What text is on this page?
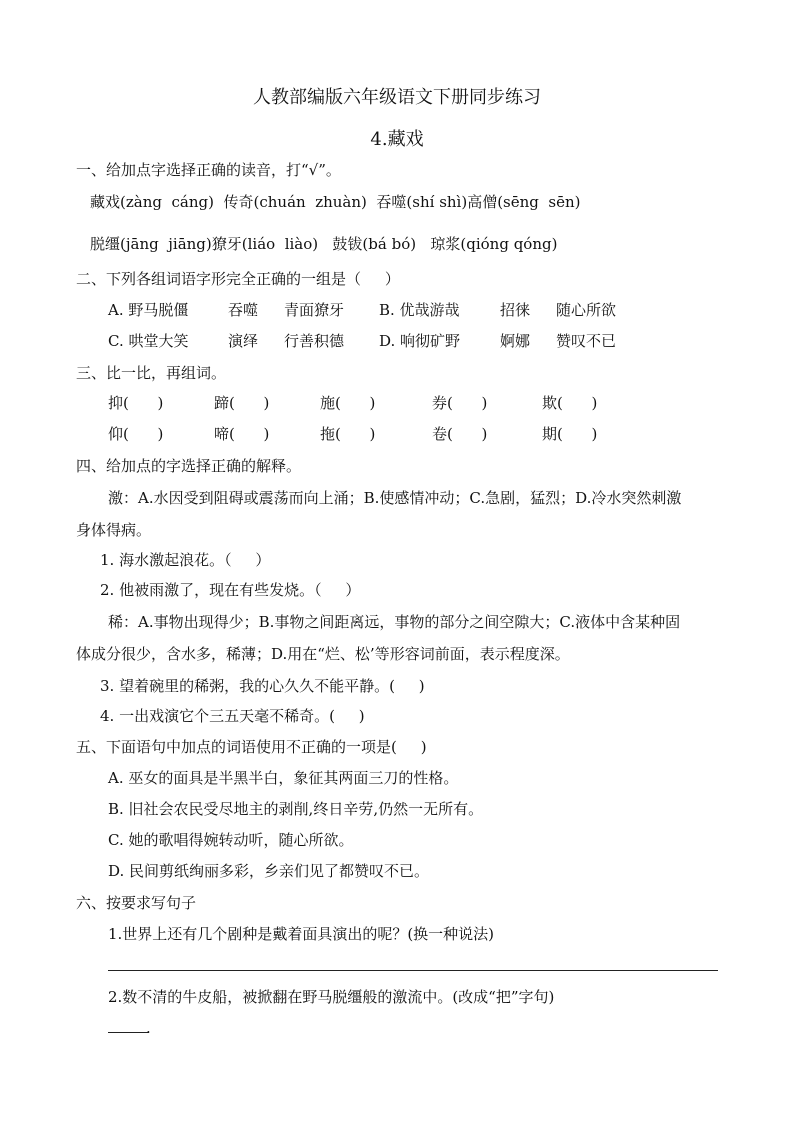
人教部编版六年级语文下册同步练习
4.藏戏
一、给加点字选择正确的读音，打“√”。
藏戏(zàng  cáng)  传奇(chuán  zhuàn)  吞噬(shí shì)高僧(sēng  sēn)
脱缰(jāng  jiāng)獠牙(liáo  liào)   鼓钹(bá bó)   琼浆(qióng qóng)
二、下列各组词语字形完全正确的一组是（     ）
A. 野马脱僵	吞噬 青面獠牙 B. 优哉游哉	招徕 随心所欲
C. 哄堂大笑	演绎 行善积德 D. 响彻矿野	婀娜 赞叹不已
三、比一比，再组词。
抑(      )	蹄(      )	施(      )	券(      )	欺(      )
仰(      )	啼(      )	拖(      )	卷(      )	期(      )
四、给加点的字选择正确的解释。
激：A.水因受到阻碍或震荡而向上涌；B.使感情冲动；C.急剧，猛烈；D.冷水突然刺激
身体得病。
1. 海水激起浪花。（     ）
2. 他被雨激了，现在有些发烧。（     ）
稀：A.事物出现得少；B.事物之间距离远，事物的部分之间空隙大；C.液体中含某种固
体成分很少，含水多，稀薄；D.用在“烂、松’等形容词前面，表示程度深。
3. 望着碗里的稀粥，我的心久久不能平静。(     )
4. 一出戏演它个三五天毫不稀奇。(     )
五、下面语句中加点的词语使用不正确的一项是(     )
A. 巫女的面具是半黑半白，象征其两面三刀的性格。
B. 旧社会农民受尽地主的剥削,终日辛劳,仍然一无所有。
C. 她的歌唱得婉转动听，随心所欲。
D. 民间剪纸绚丽多彩，乡亲们见了都赞叹不已。
六、按要求写句子
1.世界上还有几个剧种是戴着面具演出的呢？(换一种说法)
2.数不清的牛皮船，被掀翻在野马脱缰般的激流中。(改成“把”字句)
.
